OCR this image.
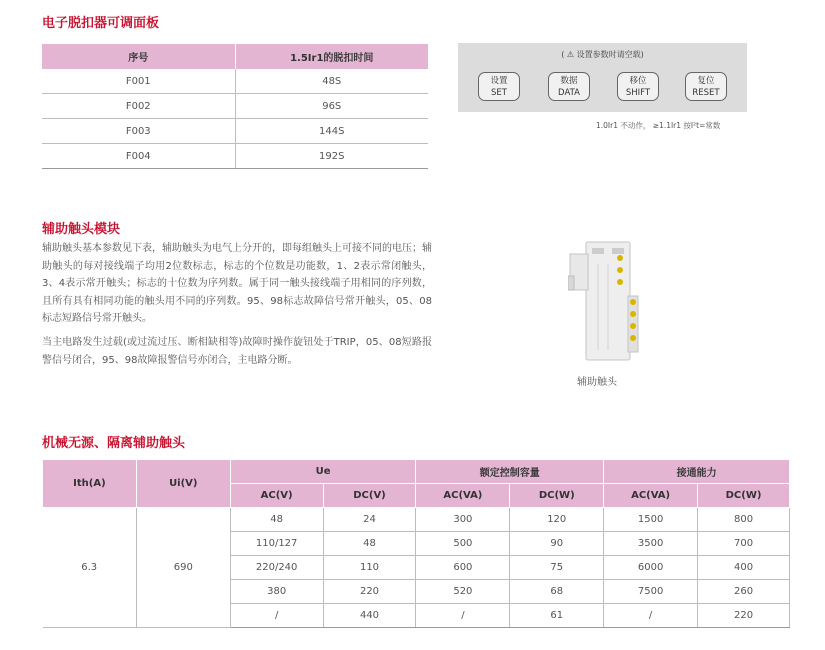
电子脱扣器可调面板
序号	1.5Ir1的脱扣时间
F001	48S
F002	96S
F003	144S
F004	192S
( ⚠ 设置参数时请空载)
设置
SET
数据
DATA
移位
SHIFT
复位
RESET
1.0Ir1 不动作， ≥1.1Ir1 按I²t=常数
辅助触头模块

辅助触头基本参数见下表，辅助触头为电气上分开的，即每组触头上可接不同的电压；辅助触头的每对接线端子均用2位数标志，标志的个位数是功能数，1、2表示常闭触头，3、4表示常开触头；标志的十位数为序列数。属于同一触头接线端子用相同的序列数，且所有具有相同功能的触头用不同的序列数。95、98标志故障信号常开触头，05、08标志短路信号常开触头。

当主电路发生过载(或过流过压、断相缺相等)故障时操作旋钮处于TRIP，05、08短路报警信号闭合，95、98故障报警信号亦闭合，主电路分断。

辅助触头
机械无源、隔离辅助触头
Ith(A)	Ui(V)	Ue		额定控制容量		接通能力	
		AC(V)	DC(V)	AC(VA)	DC(W)	AC(VA)	DC(W)
6.3	690	48	24	300	120	1500	800
		110/127	48	500	90	3500	700
		220/240	110	600	75	6000	400
		380	220	520	68	7500	260
		/	440	/	61	/	220
